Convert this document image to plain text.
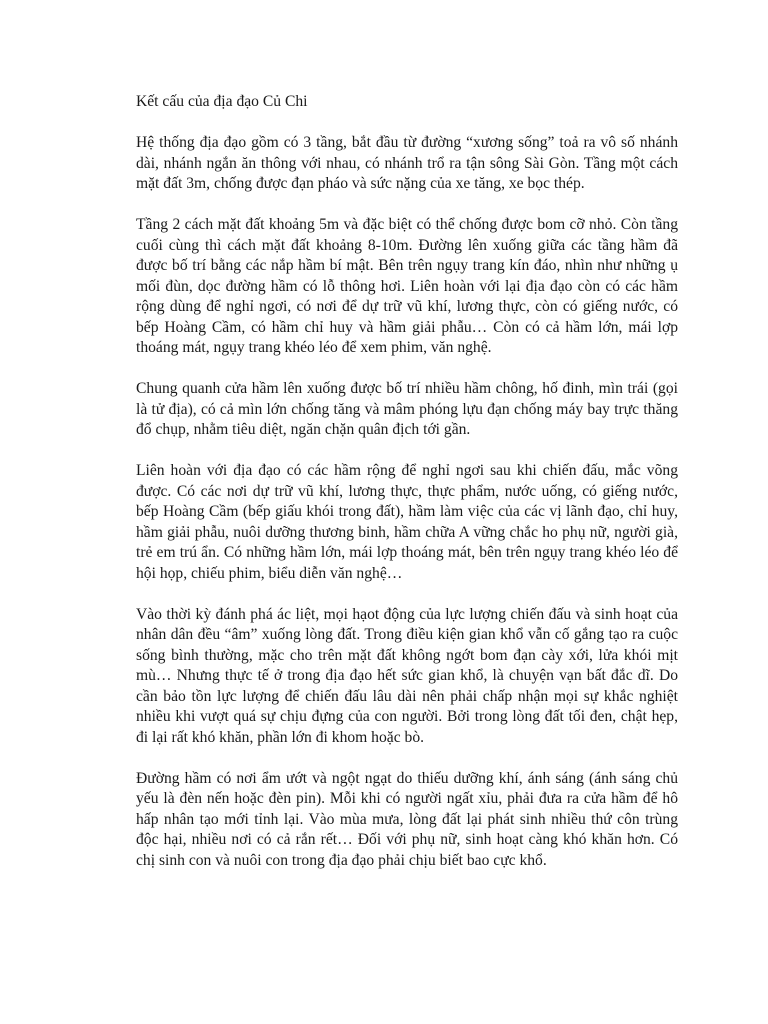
Kết cấu của địa đạo Củ Chi

Hệ thống địa đạo gồm có 3 tầng, bắt đầu từ đường “xương sống” toả ra vô số nhánh dài, nhánh ngắn ăn thông với nhau, có nhánh trổ ra tận sông Sài Gòn. Tầng một cách mặt đất 3m, chống được đạn pháo và sức nặng của xe tăng, xe bọc thép.

Tầng 2 cách mặt đất khoảng 5m và đặc biệt có thể chống được bom cỡ nhỏ. Còn tầng cuối cùng thì cách mặt đất khoảng 8-10m. Đường lên xuống giữa các tầng hầm đã được bố trí bằng các nắp hầm bí mật. Bên trên ngụy trang kín đáo, nhìn như những ụ mối đùn, dọc đường hầm có lỗ thông hơi. Liên hoàn với lại địa đạo còn có các hầm rộng dùng để nghỉ ngơi, có nơi để dự trữ vũ khí, lương thực, còn có giếng nước, có bếp Hoàng Cầm, có hầm chỉ huy và hầm giải phẫu… Còn có cả hầm lớn, mái lợp thoáng mát, ngụy trang khéo léo để xem phim, văn nghệ.

Chung quanh cửa hầm lên xuống được bố trí nhiều hầm chông, hố đinh, mìn trái (gọi là tử địa), có cả mìn lớn chống tăng và mâm phóng lựu đạn chống máy bay trực thăng đổ chụp, nhằm tiêu diệt, ngăn chặn quân địch tới gần.

Liên hoàn với địa đạo có các hầm rộng để nghỉ ngơi sau khi chiến đấu, mắc võng được. Có các nơi dự trữ vũ khí, lương thực, thực phẩm, nước uống, có giếng nước, bếp Hoàng Cầm (bếp giấu khói trong đất), hầm làm việc của các vị lãnh đạo, chỉ huy, hầm giải phẫu, nuôi dưỡng thương binh, hầm chữa A vững chắc ho phụ nữ, người già, trẻ em trú ẩn. Có những hầm lớn, mái lợp thoáng mát, bên trên ngụy trang khéo léo để hội họp, chiếu phim, biểu diễn văn nghệ…

Vào thời kỳ đánh phá ác liệt, mọi hạot động của lực lượng chiến đấu và sinh hoạt của nhân dân đều “âm” xuống lòng đất. Trong điều kiện gian khổ vẫn cố gắng tạo ra cuộc sống bình thường, mặc cho trên mặt đất không ngớt bom đạn cày xới, lửa khói mịt mù… Nhưng thực tế ở trong địa đạo hết sức gian khổ, là chuyện vạn bất đắc dĩ. Do cần bảo tồn lực lượng để chiến đấu lâu dài nên phải chấp nhận mọi sự khắc nghiệt nhiều khi vượt quá sự chịu đựng của con người. Bởi trong lòng đất tối đen, chật hẹp, đi lại rất khó khăn, phần lớn đi khom hoặc bò.

Đường hầm có nơi ẩm ướt và ngột ngạt do thiếu dưỡng khí, ánh sáng (ánh sáng chủ yếu là đèn nến hoặc đèn pin). Mỗi khi có người ngất xỉu, phải đưa ra cửa hầm để hô hấp nhân tạo mới tỉnh lại. Vào mùa mưa, lòng đất lại phát sinh nhiều thứ côn trùng độc hại, nhiều nơi có cả rắn rết… Đối với phụ nữ, sinh hoạt càng khó khăn hơn. Có chị sinh con và nuôi con trong địa đạo phải chịu biết bao cực khổ.
